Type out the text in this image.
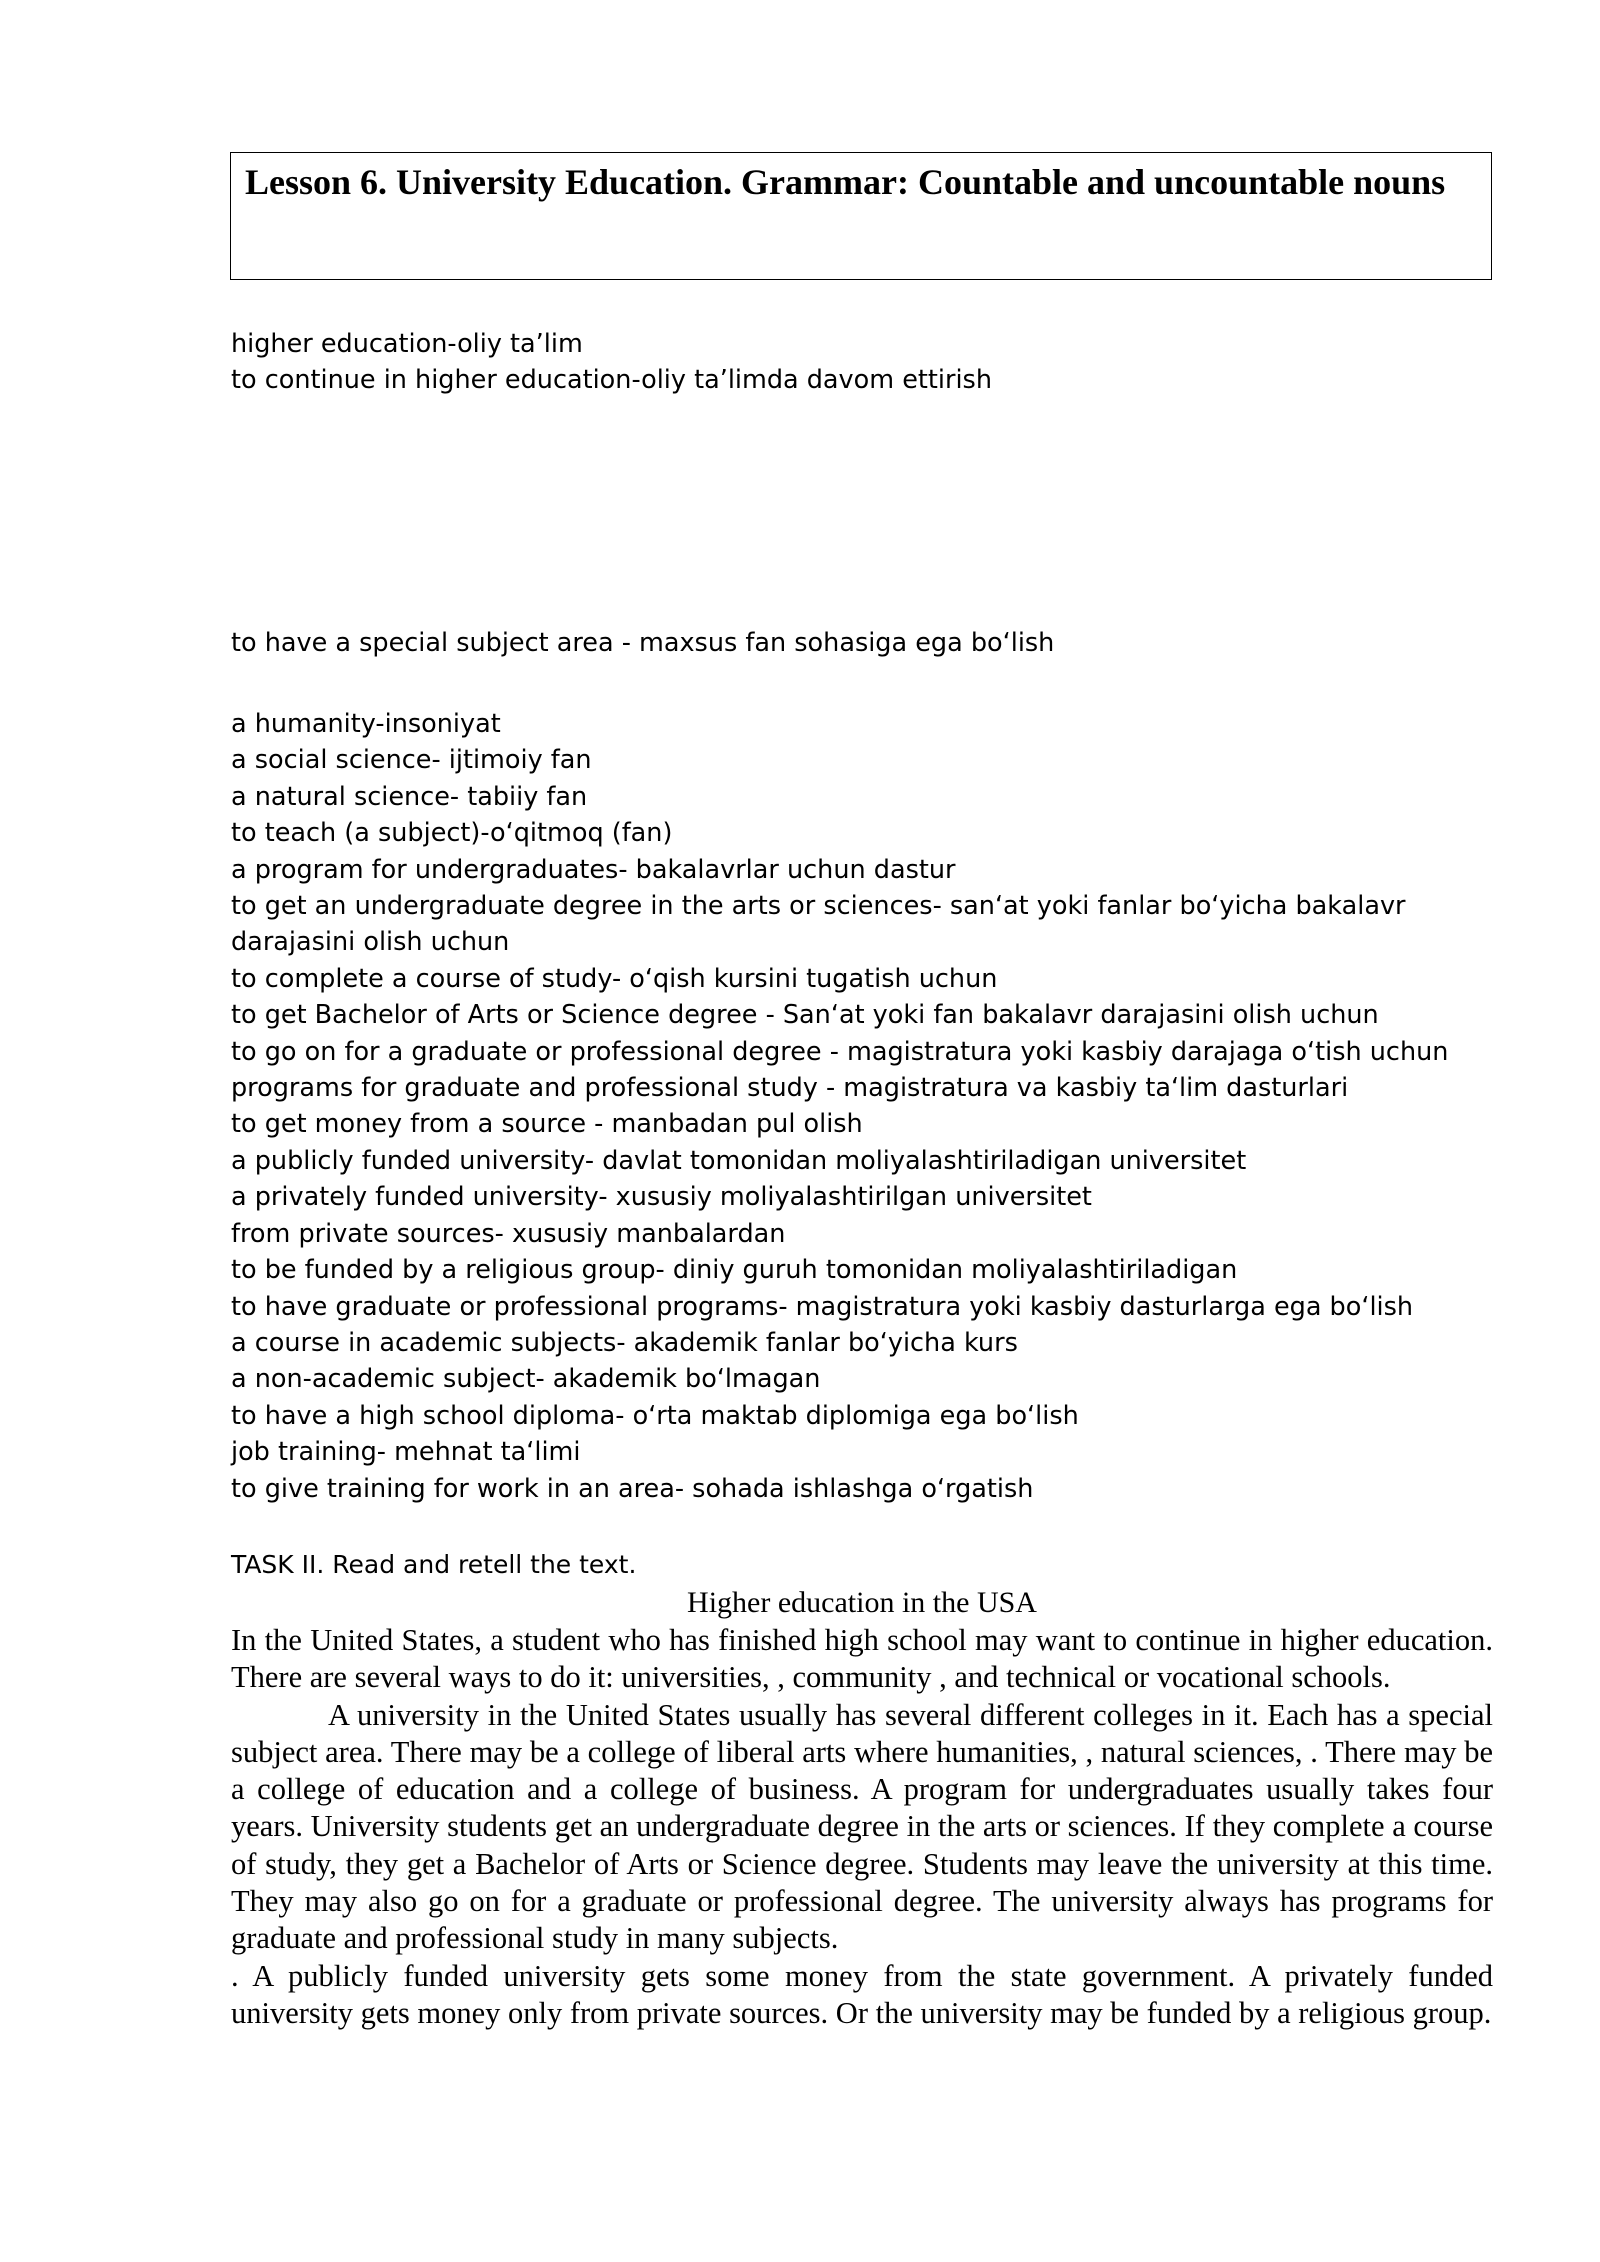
Lesson 6. University Education. Grammar: Countable and uncountable nouns
higher education-oliy ta’lim
to continue in higher education-oliy ta’limda davom ettirish
to have a special subject area - maxsus fan sohasiga ega bo‘lish
a humanity-insoniyat
a social science- ijtimoiy fan
a natural science- tabiiy fan
to teach (a subject)-o‘qitmoq (fan)
a program for undergraduates- bakalavrlar uchun dastur
to get an undergraduate degree in the arts or sciences- san‘at yoki fanlar bo‘yicha bakalavr darajasini olish uchun
to complete a course of study- o‘qish kursini tugatish uchun
to get Bachelor of Arts or Science degree - San‘at yoki fan bakalavr darajasini olish uchun
to go on for a graduate or professional degree - magistratura yoki kasbiy darajaga o‘tish uchun
programs for graduate and professional study - magistratura va kasbiy ta‘lim dasturlari
to get money from a source - manbadan pul olish
a publicly funded university- davlat tomonidan moliyalashtiriladigan universitet
a privately funded university- xususiy moliyalashtirilgan universitet
from private sources- xususiy manbalardan
to be funded by a religious group- diniy guruh tomonidan moliyalashtiriladigan
to have graduate or professional programs- magistratura yoki kasbiy dasturlarga ega bo‘lish
a course in academic subjects- akademik fanlar bo‘yicha kurs
a non-academic subject- akademik bo‘lmagan
to have a high school diploma- o‘rta maktab diplomiga ega bo‘lish
job training- mehnat ta‘limi
to give training for work in an area- sohada ishlashga o‘rgatish
TASK II. Read and retell the text.
Higher education in the USA

In the United States, a student who has finished high school may want to continue in higher education. There are several ways to do it: universities, , community , and technical or vocational schools.

A university in the United States usually has several different colleges in it. Each has a special subject area. There may be a college of liberal arts where humanities, , natural sciences, . There may be a college of education and a college of business. A program for undergraduates usually takes four years. University students get an undergraduate degree in the arts or sciences. If they complete a course of study, they get a Bachelor of Arts or Science degree. Students may leave the university at this time. They may also go on for a graduate or professional degree. The university always has programs for graduate and professional study in many subjects.

. A publicly funded university gets some money from the state government. A privately funded university gets money only from private sources. Or the university may be funded by a religious group.
